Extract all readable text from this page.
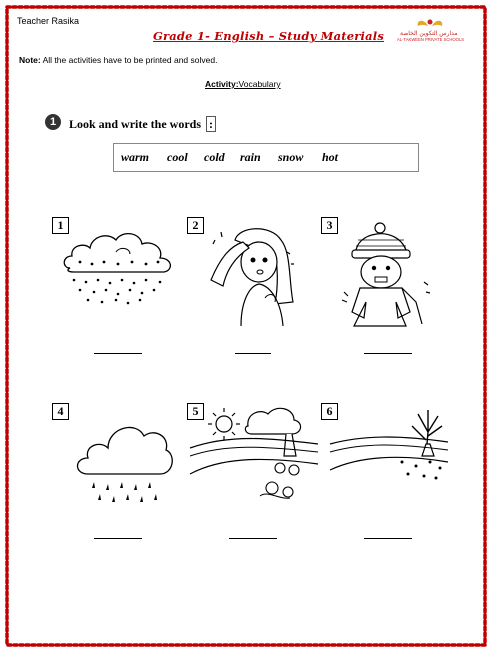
Teacher Rasika
Grade 1- English – Study Materials	مدارس التكوين الخاصة
AL-TAKWEEN PRIVATE SCHOOLS
Note: All the activities have to be printed and solved.
Activity:Vocabulary
1	Look and write the words :
warm cool cold rain snow hot
1	2	3
4	5	6
